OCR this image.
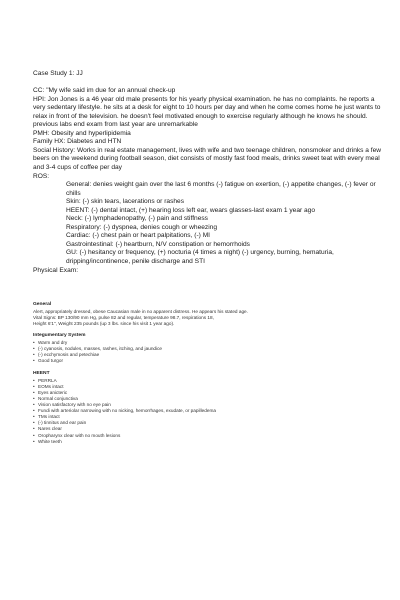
Case Study 1: JJ

CC: "My wife said im due for an annual check-up

HPI: Jon Jones is a 46 year old male presents for his yearly physical examination. he has no complaints. he reports a very sedentary lifestyle. he sits at a desk for eight to 10 hours per day and when he come comes home he just wants to relax in front of the television. he doesn't feel motivated enough to exercise regularly although he knows he should. previous labs end exam from last year are unremarkable

PMH: Obesity and hyperlipidemia

Family HX: Diabetes and HTN

Social History: Works in real estate management, lives with wife and two teenage children, nonsmoker and drinks a few beers on the weekend during football season, diet consists of mostly fast food meals, drinks sweet teat with every meal and 3-4 cups of coffee per day

ROS:

General: denies weight gain over the last 6 months (-) fatigue on exertion, (-) appetite changes, (-) fever or chills

Skin: (-) skin tears, lacerations or rashes

HEENT: (-) dental intact, (+) hearing loss left ear, wears glasses-last exam 1 year ago

Neck: (-) lymphadenopathy, (-) pain and stiffness

Respiratory: (-) dyspnea, denies cough or wheezing

Cardiac: (-) chest pain or heart palpitations, (-) MI

Gastrointestinal: (-) heartburn, N/V constipation or hemorrhoids

GU: (-) hesitancy or frequency, (+) nocturia (4 times a night) (-) urgency, burning, hematuria, dripping/incontinence, penile discharge and STI

Physical Exam:

General

Alert, appropriately dressed, obese Caucasian male in no apparent distress. He appears his stated age.

Vital Signs: BP 130/90 mm Hg, pulse 82 and regular, temperature 98.7, respirations 18,

Height 6'1", Weight 235 pounds (up 3 lbs. since his visit 1 year ago).

Integumentary System
• Warm and dry
• (-) cyanosis, nodules, masses, rashes, itching, and jaundice
• (-) ecchymosis and petechiae
• Good turgor
HEENT
• PERRLA
• EOMs intact
• Eyes anicteric
• Normal conjunctiva
• Vision satisfactory with no eye pain
• Fundi with arteriolar narrowing with no nicking, hemorrhages, exudate, or papilledema
• TMs intact
• (-) tinnitus and ear pain
• Nares clear
• Oropharynx clear with no mouth lesions
• White teeth
